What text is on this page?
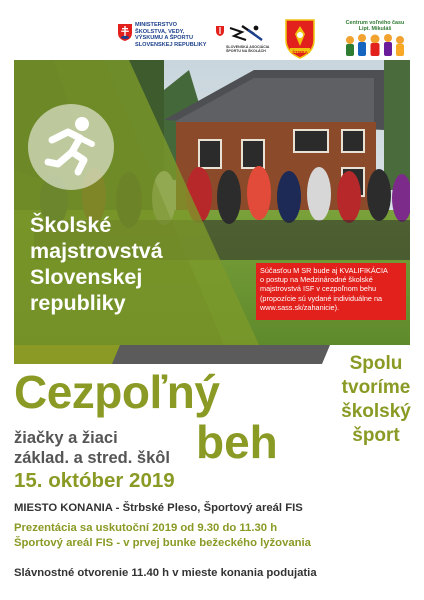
MINISTERSTVO
ŠKOLSTVA, VEDY,
VÝSKUMU A ŠPORTU
SLOVENSKEJ REPUBLIKY	SLOVENSKÁ ASOCIÁCIA ŠPORTU NA ŠKOLÁCH	ŠTRBA
Centrum voľného času Lipt. Mikuláš
Školské
majstrovstvá
Slovenskej
republiky
Súčasťou M SR bude aj KVALIFIKÁCIA
o postup na Medzinárodné školské
majstrovstvá ISF v cezpoľnom behu
(propozície sú vydané individuálne na
www.sass.sk/zahanicie).
Cezpoľný
beh
žiačky a žiaci
základ. a stred. škôl
15. október 2019
Spolu
tvoríme
školský
šport
MIESTO KONANIA - Štrbské Pleso, Športový areál FIS
Prezentácia sa uskutoční 2019 od 9.30 do 11.30 h
Športový areál FIS - v prvej bunke bežeckého lyžovania
Slávnostné otvorenie 11.40 h v mieste konania podujatia
